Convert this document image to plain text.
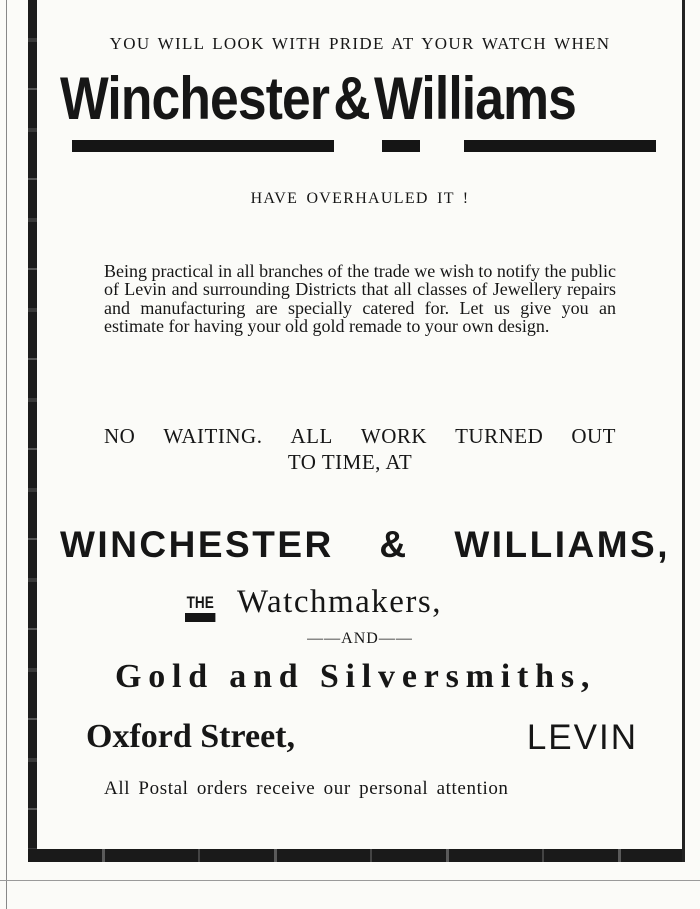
YOU WILL LOOK WITH PRIDE AT YOUR WATCH WHEN
Winchester & Williams
HAVE OVERHAULED IT !
Being practical in all branches of the trade we wish to notify the public of Levin and surrounding Districts that all classes of Jewellery repairs and manufacturing are specially catered for. Let us give you an estimate for having your old gold remade to your own design.
NO WAITING. ALL WORK TURNED OUT
TO TIME, AT
WINCHESTER & WILLIAMS,
THE Watchmakers,
——AND——
Gold and Silversmiths,
Oxford Street,	LEVIN
All Postal orders receive our personal attention
